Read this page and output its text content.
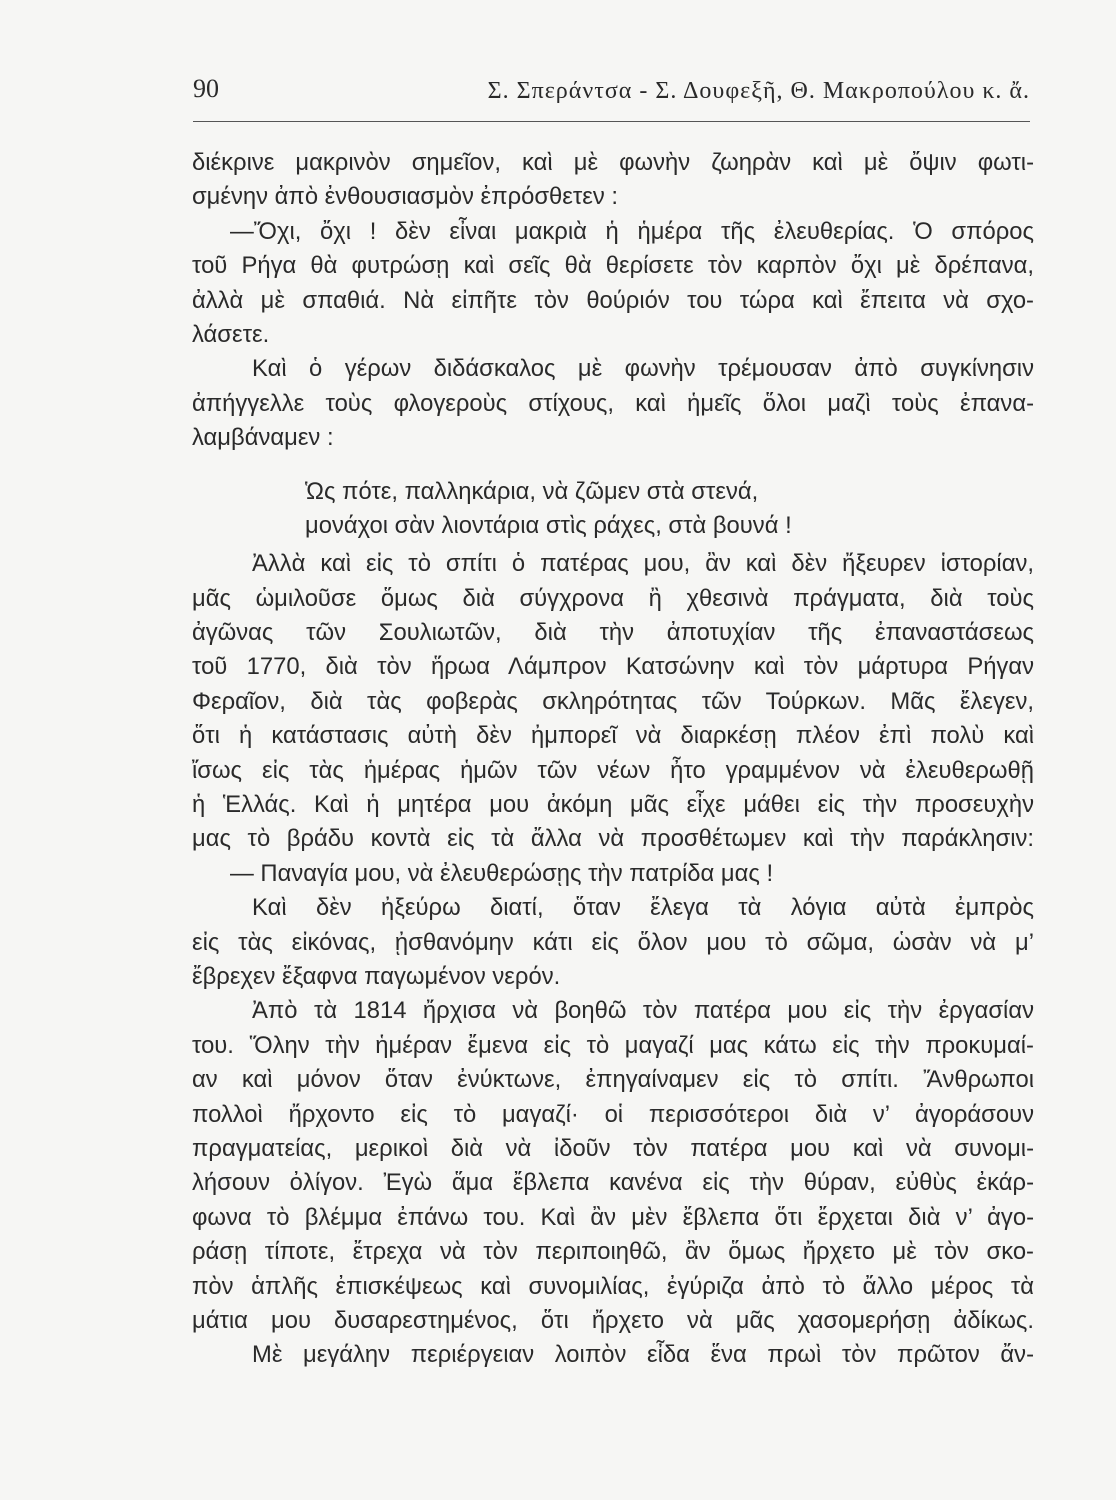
90	Σ. Σπεράντσα - Σ. Δουφεξῆ, Θ. Μακροπούλου κ. ἄ.
διέκρινε μακρινὸν σημεῖον, καὶ μὲ φωνὴν ζωηρὰν καὶ μὲ ὄψιν φωτι-
σμένην ἀπὸ ἐνθουσιασμὸν ἐπρόσθετεν :
—Ὄχι, ὄχι ! δὲν εἶναι μακριὰ ἡ ἡμέρα τῆς ἐλευθερίας. Ὁ σπόρος
τοῦ Ρήγα θὰ φυτρώσῃ καὶ σεῖς θὰ θερίσετε τὸν καρπὸν ὄχι μὲ δρέπανα,
ἀλλὰ μὲ σπαθιά. Νὰ εἰπῆτε τὸν θούριόν του τώρα καὶ ἔπειτα νὰ σχο-
λάσετε.
Καὶ ὁ γέρων διδάσκαλος μὲ φωνὴν τρέμουσαν ἀπὸ συγκίνησιν
ἀπήγγελλε τοὺς φλογεροὺς στίχους, καὶ ἡμεῖς ὅλοι μαζὶ τοὺς ἐπανα-
λαμβάναμεν :
Ὡς πότε, παλληκάρια, νὰ ζῶμεν στὰ στενά,
μονάχοι σὰν λιοντάρια στὶς ράχες, στὰ βουνά !
Ἀλλὰ καὶ εἰς τὸ σπίτι ὁ πατέρας μου, ἂν καὶ δὲν ἤξευρεν ἱστορίαν,
μᾶς ὡμιλοῦσε ὅμως διὰ σύγχρονα ἢ χθεσινὰ πράγματα, διὰ τοὺς
ἀγῶνας τῶν Σουλιωτῶν, διὰ τὴν ἀποτυχίαν τῆς ἐπαναστάσεως
τοῦ 1770, διὰ τὸν ἥρωα Λάμπρον Κατσώνην καὶ τὸν μάρτυρα Ρήγαν
Φεραῖον, διὰ τὰς φοβερὰς σκληρότητας τῶν Τούρκων. Μᾶς ἔλεγεν,
ὅτι ἡ κατάστασις αὐτὴ δὲν ἠμπορεῖ νὰ διαρκέσῃ πλέον ἐπὶ πολὺ καὶ
ἴσως εἰς τὰς ἡμέρας ἡμῶν τῶν νέων ἦτο γραμμένον νὰ ἐλευθερωθῇ
ἡ Ἑλλάς. Καὶ ἡ μητέρα μου ἀκόμη μᾶς εἶχε μάθει εἰς τὴν προσευχὴν
μας τὸ βράδυ κοντὰ εἰς τὰ ἄλλα νὰ προσθέτωμεν καὶ τὴν παράκλησιν:
— Παναγία μου, νὰ ἐλευθερώσῃς τὴν πατρίδα μας !
Καὶ δὲν ἠξεύρω διατί, ὅταν ἔλεγα τὰ λόγια αὐτὰ ἐμπρὸς
εἰς τὰς εἰκόνας, ᾐσθανόμην κάτι εἰς ὅλον μου τὸ σῶμα, ὡσὰν νὰ μ’
ἔβρεχεν ἔξαφνα παγωμένον νερόν.
Ἀπὸ τὰ 1814 ἤρχισα νὰ βοηθῶ τὸν πατέρα μου εἰς τὴν ἐργασίαν
του. Ὅλην τὴν ἡμέραν ἔμενα εἰς τὸ μαγαζί μας κάτω εἰς τὴν προκυμαί-
αν καὶ μόνον ὅταν ἐνύκτωνε, ἐπηγαίναμεν εἰς τὸ σπίτι. Ἄνθρωποι
πολλοὶ ἤρχοντο εἰς τὸ μαγαζί· οἱ περισσότεροι διὰ ν’ ἀγοράσουν
πραγματείας, μερικοὶ διὰ νὰ ἰδοῦν τὸν πατέρα μου καὶ νὰ συνομι-
λήσουν ὀλίγον. Ἐγὼ ἅμα ἔβλεπα κανένα εἰς τὴν θύραν, εὐθὺς ἐκάρ-
φωνα τὸ βλέμμα ἐπάνω του. Καὶ ἂν μὲν ἔβλεπα ὅτι ἔρχεται διὰ ν’ ἀγο-
ράσῃ τίποτε, ἔτρεχα νὰ τὸν περιποιηθῶ, ἂν ὅμως ἤρχετο μὲ τὸν σκο-
πὸν ἁπλῆς ἐπισκέψεως καὶ συνομιλίας, ἐγύριζα ἀπὸ τὸ ἄλλο μέρος τὰ
μάτια μου δυσαρεστημένος, ὅτι ἤρχετο νὰ μᾶς χασομερήσῃ ἀδίκως.
Μὲ μεγάλην περιέργειαν λοιπὸν εἶδα ἕνα πρωὶ τὸν πρῶτον ἄν-
